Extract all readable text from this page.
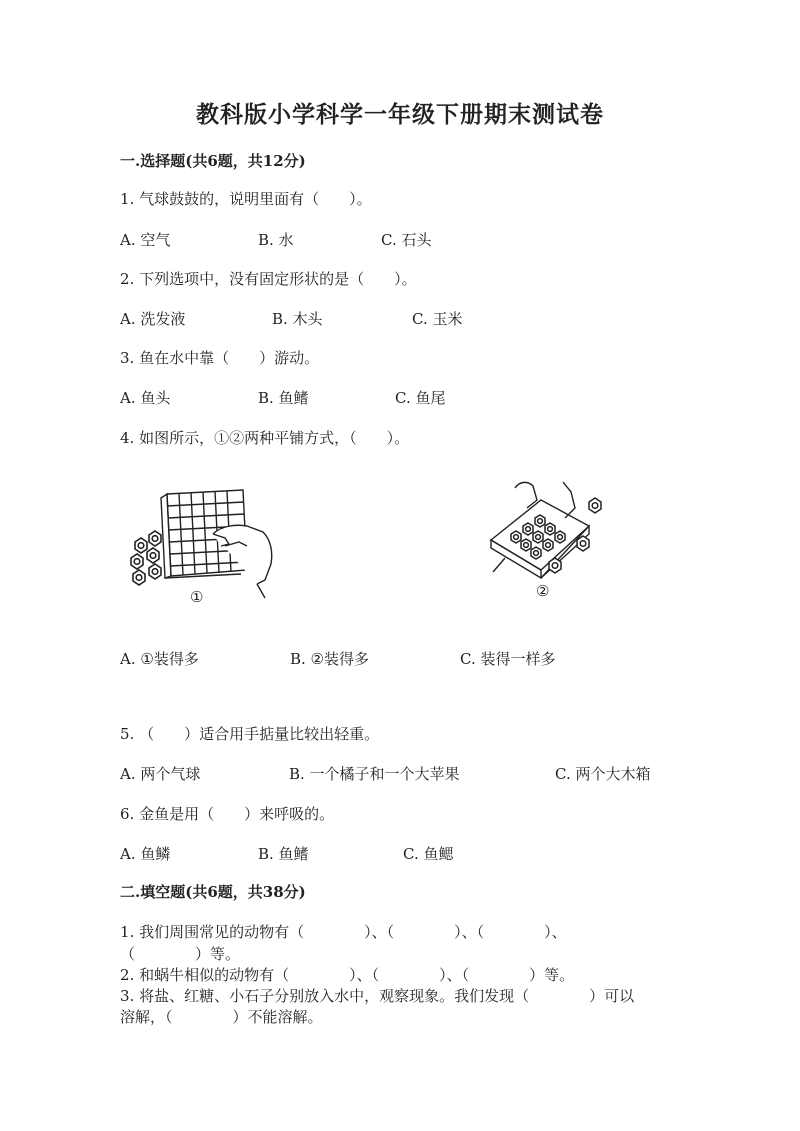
教科版小学科学一年级下册期末测试卷
一.选择题(共6题，共12分)
1. 气球鼓鼓的，说明里面有（　　）。
A. 空气	B. 水	C. 石头
2. 下列选项中，没有固定形状的是（　　）。
A. 洗发液	B. 木头	C. 玉米
3. 鱼在水中靠（　　）游动。
A. 鱼头	B. 鱼鳍	C. 鱼尾
4. 如图所示，①②两种平铺方式，（　　）。
①	②
A. ①装得多	B. ②装得多	C. 装得一样多
5. （　　）适合用手掂量比较出轻重。
A. 两个气球	B. 一个橘子和一个大苹果	C. 两个大木箱
6. 金鱼是用（　　）来呼吸的。
A. 鱼鳞	B. 鱼鳍	C. 鱼鳃
二.填空题(共6题，共38分)
1. 我们周围常见的动物有（　　　　）、（　　　　）、（　　　　）、
（　　　　）等。
2. 和蜗牛相似的动物有（　　　　）、（　　　　）、（　　　　）等。
3. 将盐、红糖、小石子分别放入水中，观察现象。我们发现（　　　　）可以
溶解，（　　　　）不能溶解。
